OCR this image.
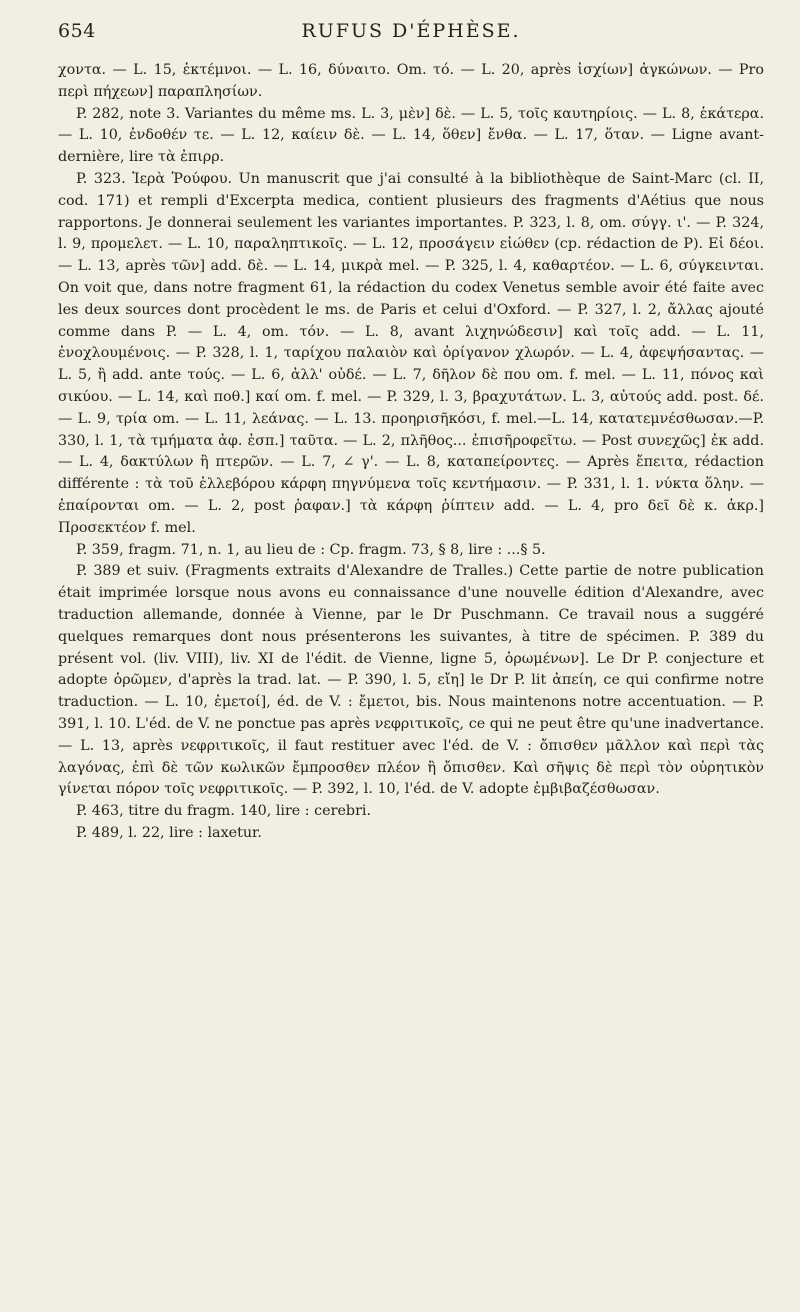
654	RUFUS D'ÉPHÈSE.

χοντα. — L. 15, ἐκτέμνοι. — L. 16, δύναιτο. Om. τό. — L. 20, après ἰσχίων] ἀγκώνων. — Pro περὶ πήχεων] παραπλησίων.

P. 282, note 3. Variantes du même ms. L. 3, μὲν] δὲ. — L. 5, τοῖς καυτηρίοις. — L. 8, ἑκάτερα. — L. 10, ἐνδοθέν τε. — L. 12, καίειν δὲ. — L. 14, ὅθεν] ἔνθα. — L. 17, ὅταν. — Ligne avant-dernière, lire τὰ ἐπιρρ.

P. 323. Ἱερὰ Ῥούφου. Un manuscrit que j'ai consulté à la bibliothèque de Saint-Marc (cl. II, cod. 171) et rempli d'Excerpta medica, contient plusieurs des fragments d'Aétius que nous rapportons. Je donnerai seulement les variantes importantes. P. 323, l. 8, om. σύγγ. ι'. — P. 324, l. 9, προμελετ. — L. 10, παραληπτικοῖς. — L. 12, προσάγειν εἰώθεν (cp. rédaction de P). Εἰ δέοι. — L. 13, après τῶν] add. δὲ. — L. 14, μικρὰ mel. — P. 325, l. 4, καθαρτέον. — L. 6, σύγκεινται. On voit que, dans notre fragment 61, la rédaction du codex Venetus semble avoir été faite avec les deux sources dont procèdent le ms. de Paris et celui d'Oxford. — P. 327, l. 2, ἄλλας ajouté comme dans P. — L. 4, om. τόν. — L. 8, avant λιχηνώδεσιν] καὶ τοῖς add. — L. 11, ἐνοχλουμένοις. — P. 328, l. 1, ταρίχου παλαιὸν καὶ ὀρίγανον χλωρόν. — L. 4, ἀφεψήσαντας. — L. 5, ἢ add. ante τούς. — L. 6, ἀλλ' οὐδέ. — L. 7, δῆλον δὲ που om. f. mel. — L. 11, πόνος καὶ σικύου. — L. 14, καὶ ποθ.] καί om. f. mel. — P. 329, l. 3, βραχυτάτων. L. 3, αὐτούς add. post. δέ. — L. 9, τρία om. — L. 11, λεάνας. — L. 13. προηρισῆκόσι, f. mel.—L. 14, κατατεμνέσθωσαν.—P. 330, l. 1, τὰ τμήματα ἀφ. ἐσπ.] ταῦτα. — L. 2, πλῆθος... ἐπισῆροφεῖτω. — Post συνεχῶς] ἐκ add. — L. 4, δακτύλων ἢ πτερῶν. — L. 7, ∠ γ'. — L. 8, καταπείροντες. — Après ἔπειτα, rédaction différente : τὰ τοῦ ἐλλεβόρου κάρφη πηγνύμενα τοῖς κεντήμασιν. — P. 331, l. 1. νύκτα ὅλην. — ἐπαίρονται om. — L. 2, post ῥαφαν.] τὰ κάρφη ῥίπτειν add. — L. 4, pro δεῖ δὲ κ. ἀκρ.] Προσεκτέον f. mel.

P. 359, fragm. 71, n. 1, au lieu de : Cp. fragm. 73, § 8, lire : ...§ 5.

P. 389 et suiv. (Fragments extraits d'Alexandre de Tralles.) Cette partie de notre publication était imprimée lorsque nous avons eu connaissance d'une nouvelle édition d'Alexandre, avec traduction allemande, donnée à Vienne, par le Dr Puschmann. Ce travail nous a suggéré quelques remarques dont nous présenterons les suivantes, à titre de spécimen. P. 389 du présent vol. (liv. VIII), liv. XI de l'édit. de Vienne, ligne 5, ὁρωμένων]. Le Dr P. conjecture et adopte ὁρῶμεν, d'après la trad. lat. — P. 390, l. 5, εἴη] le Dr P. lit ἀπείη, ce qui confirme notre traduction. — L. 10, ἐμετοί], éd. de V. : ἔμετοι, bis. Nous maintenons notre accentuation. — P. 391, l. 10. L'éd. de V. ne ponctue pas après νεφριτικοῖς, ce qui ne peut être qu'une inadvertance. — L. 13, après νεφριτικοῖς, il faut restituer avec l'éd. de V. : ὄπισθεν μᾶλλον καὶ περὶ τὰς λαγόνας, ἐπὶ δὲ τῶν κωλικῶν ἔμπροσθεν πλέον ἢ ὄπισθεν. Καὶ σῆψις δὲ περὶ τὸν οὐρητικὸν γίνεται πόρον τοῖς νεφριτικοῖς. — P. 392, l. 10, l'éd. de V. adopte ἐμβιβαζέσθωσαν.

P. 463, titre du fragm. 140, lire : cerebri.

P. 489, l. 22, lire : laxetur.
